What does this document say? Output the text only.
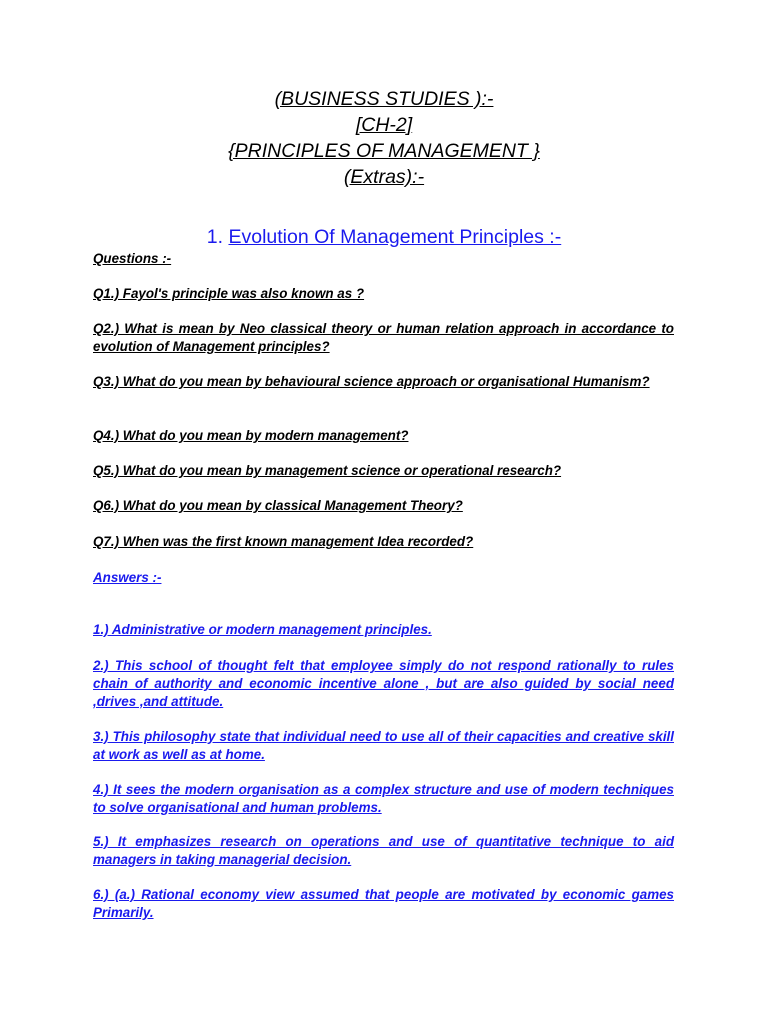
(BUSINESS STUDIES ):-
[CH-2]
{PRINCIPLES OF MANAGEMENT }
(Extras):-
1. Evolution Of Management Principles :-
Questions :-
Q1.) Fayol's principle was also known as ?
Q2.) What is mean by Neo classical theory or human relation approach in accordance to evolution of Management principles?
Q3.) What do you mean by behavioural science approach or organisational Humanism?
Q4.) What do you mean by modern management?
Q5.) What do you mean by management science or operational research?
Q6.) What do you mean by classical Management Theory?
Q7.) When was the first known management Idea recorded?
Answers :-
1.) Administrative or modern management principles.
2.) This school of thought felt that employee simply do not respond rationally to rules chain of authority and economic incentive alone , but are also guided by social need ,drives ,and attitude.
3.) This philosophy state that individual need to use all of their capacities and creative skill at work as well as at home.
4.) It sees the modern organisation as a complex structure and use of modern techniques to solve organisational and human problems.
5.) It emphasizes research on operations and use of quantitative technique to aid managers in taking managerial decision.
6.) (a.) Rational economy view assumed that people are motivated by economic games Primarily.
